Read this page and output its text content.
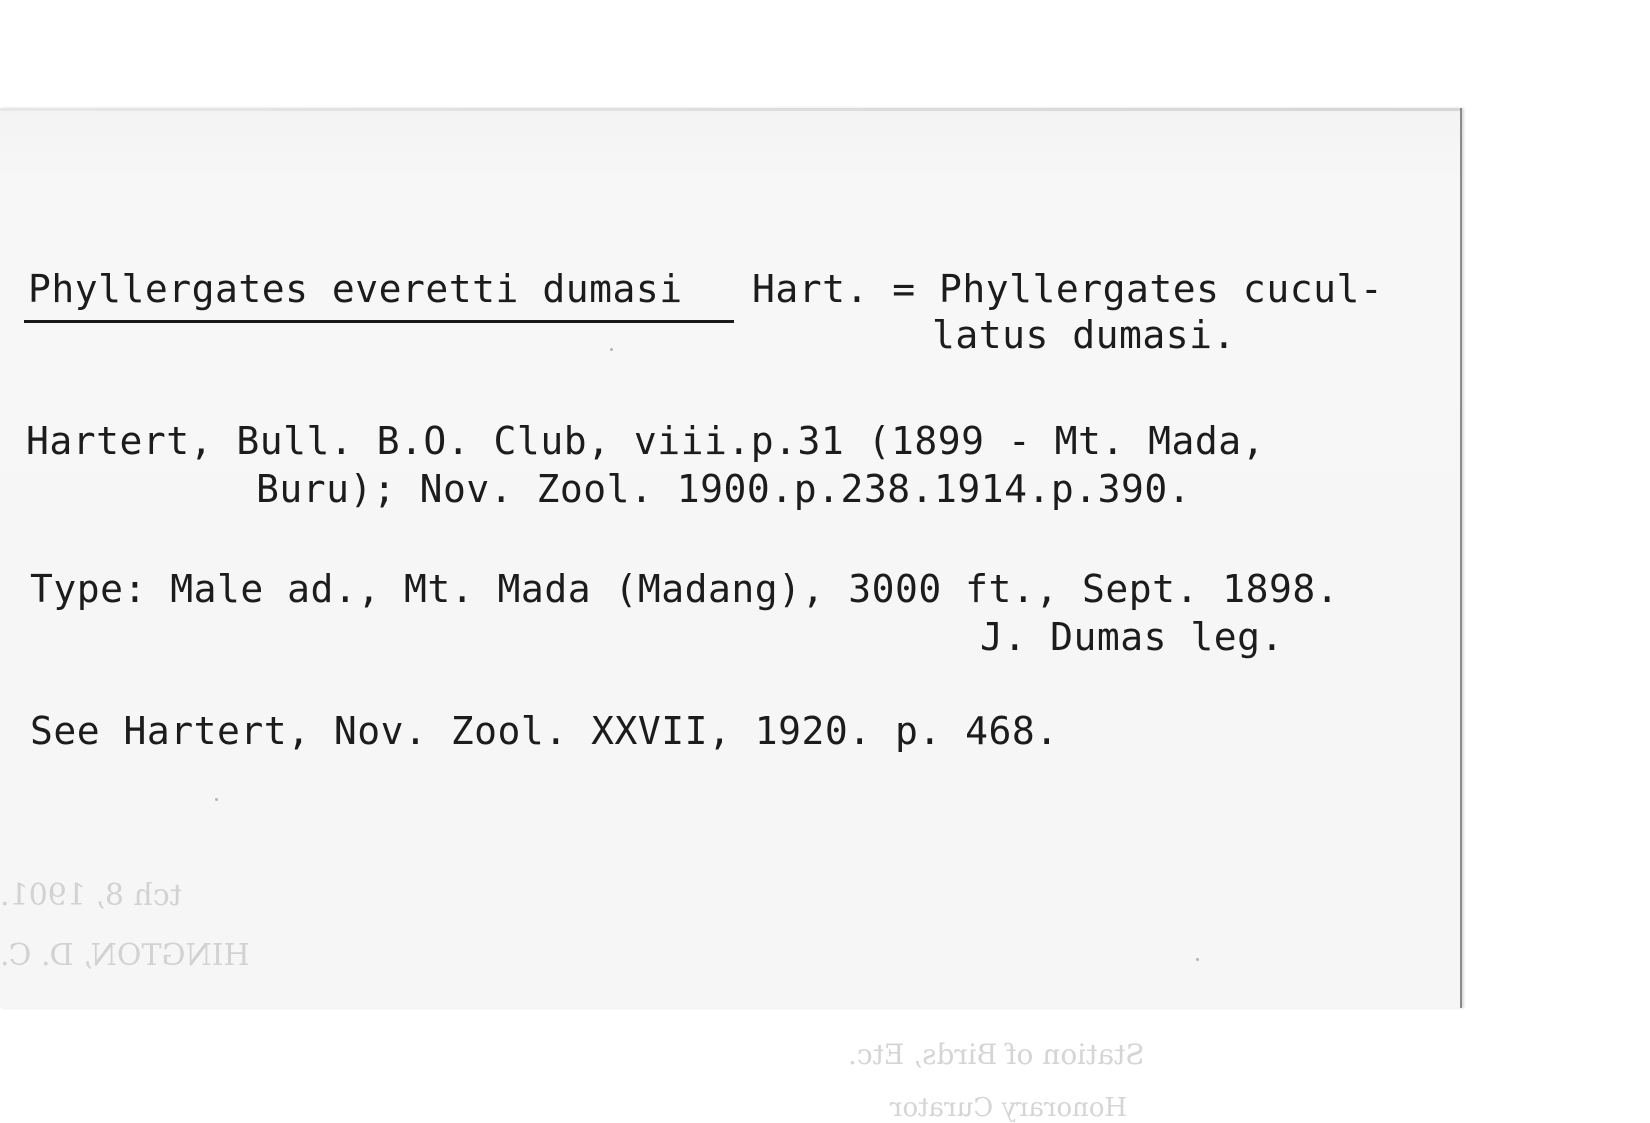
Phyllergates everetti dumasi Hart. = Phyllergates cucul-
latus dumasi.
Hartert, Bull. B.O. Club, viii.p.31 (1899 - Mt. Mada,
Buru); Nov. Zool. 1900.p.238.1914.p.390.
Type: Male ad., Mt. Mada (Madang), 3000 ft., Sept. 1898.
J. Dumas leg.
See Hartert, Nov. Zool. XXVII, 1920. p. 468.
tch 8, 1901.
HINGTON, D. C.
Station of Birds, Etc.
Honorary Curator
